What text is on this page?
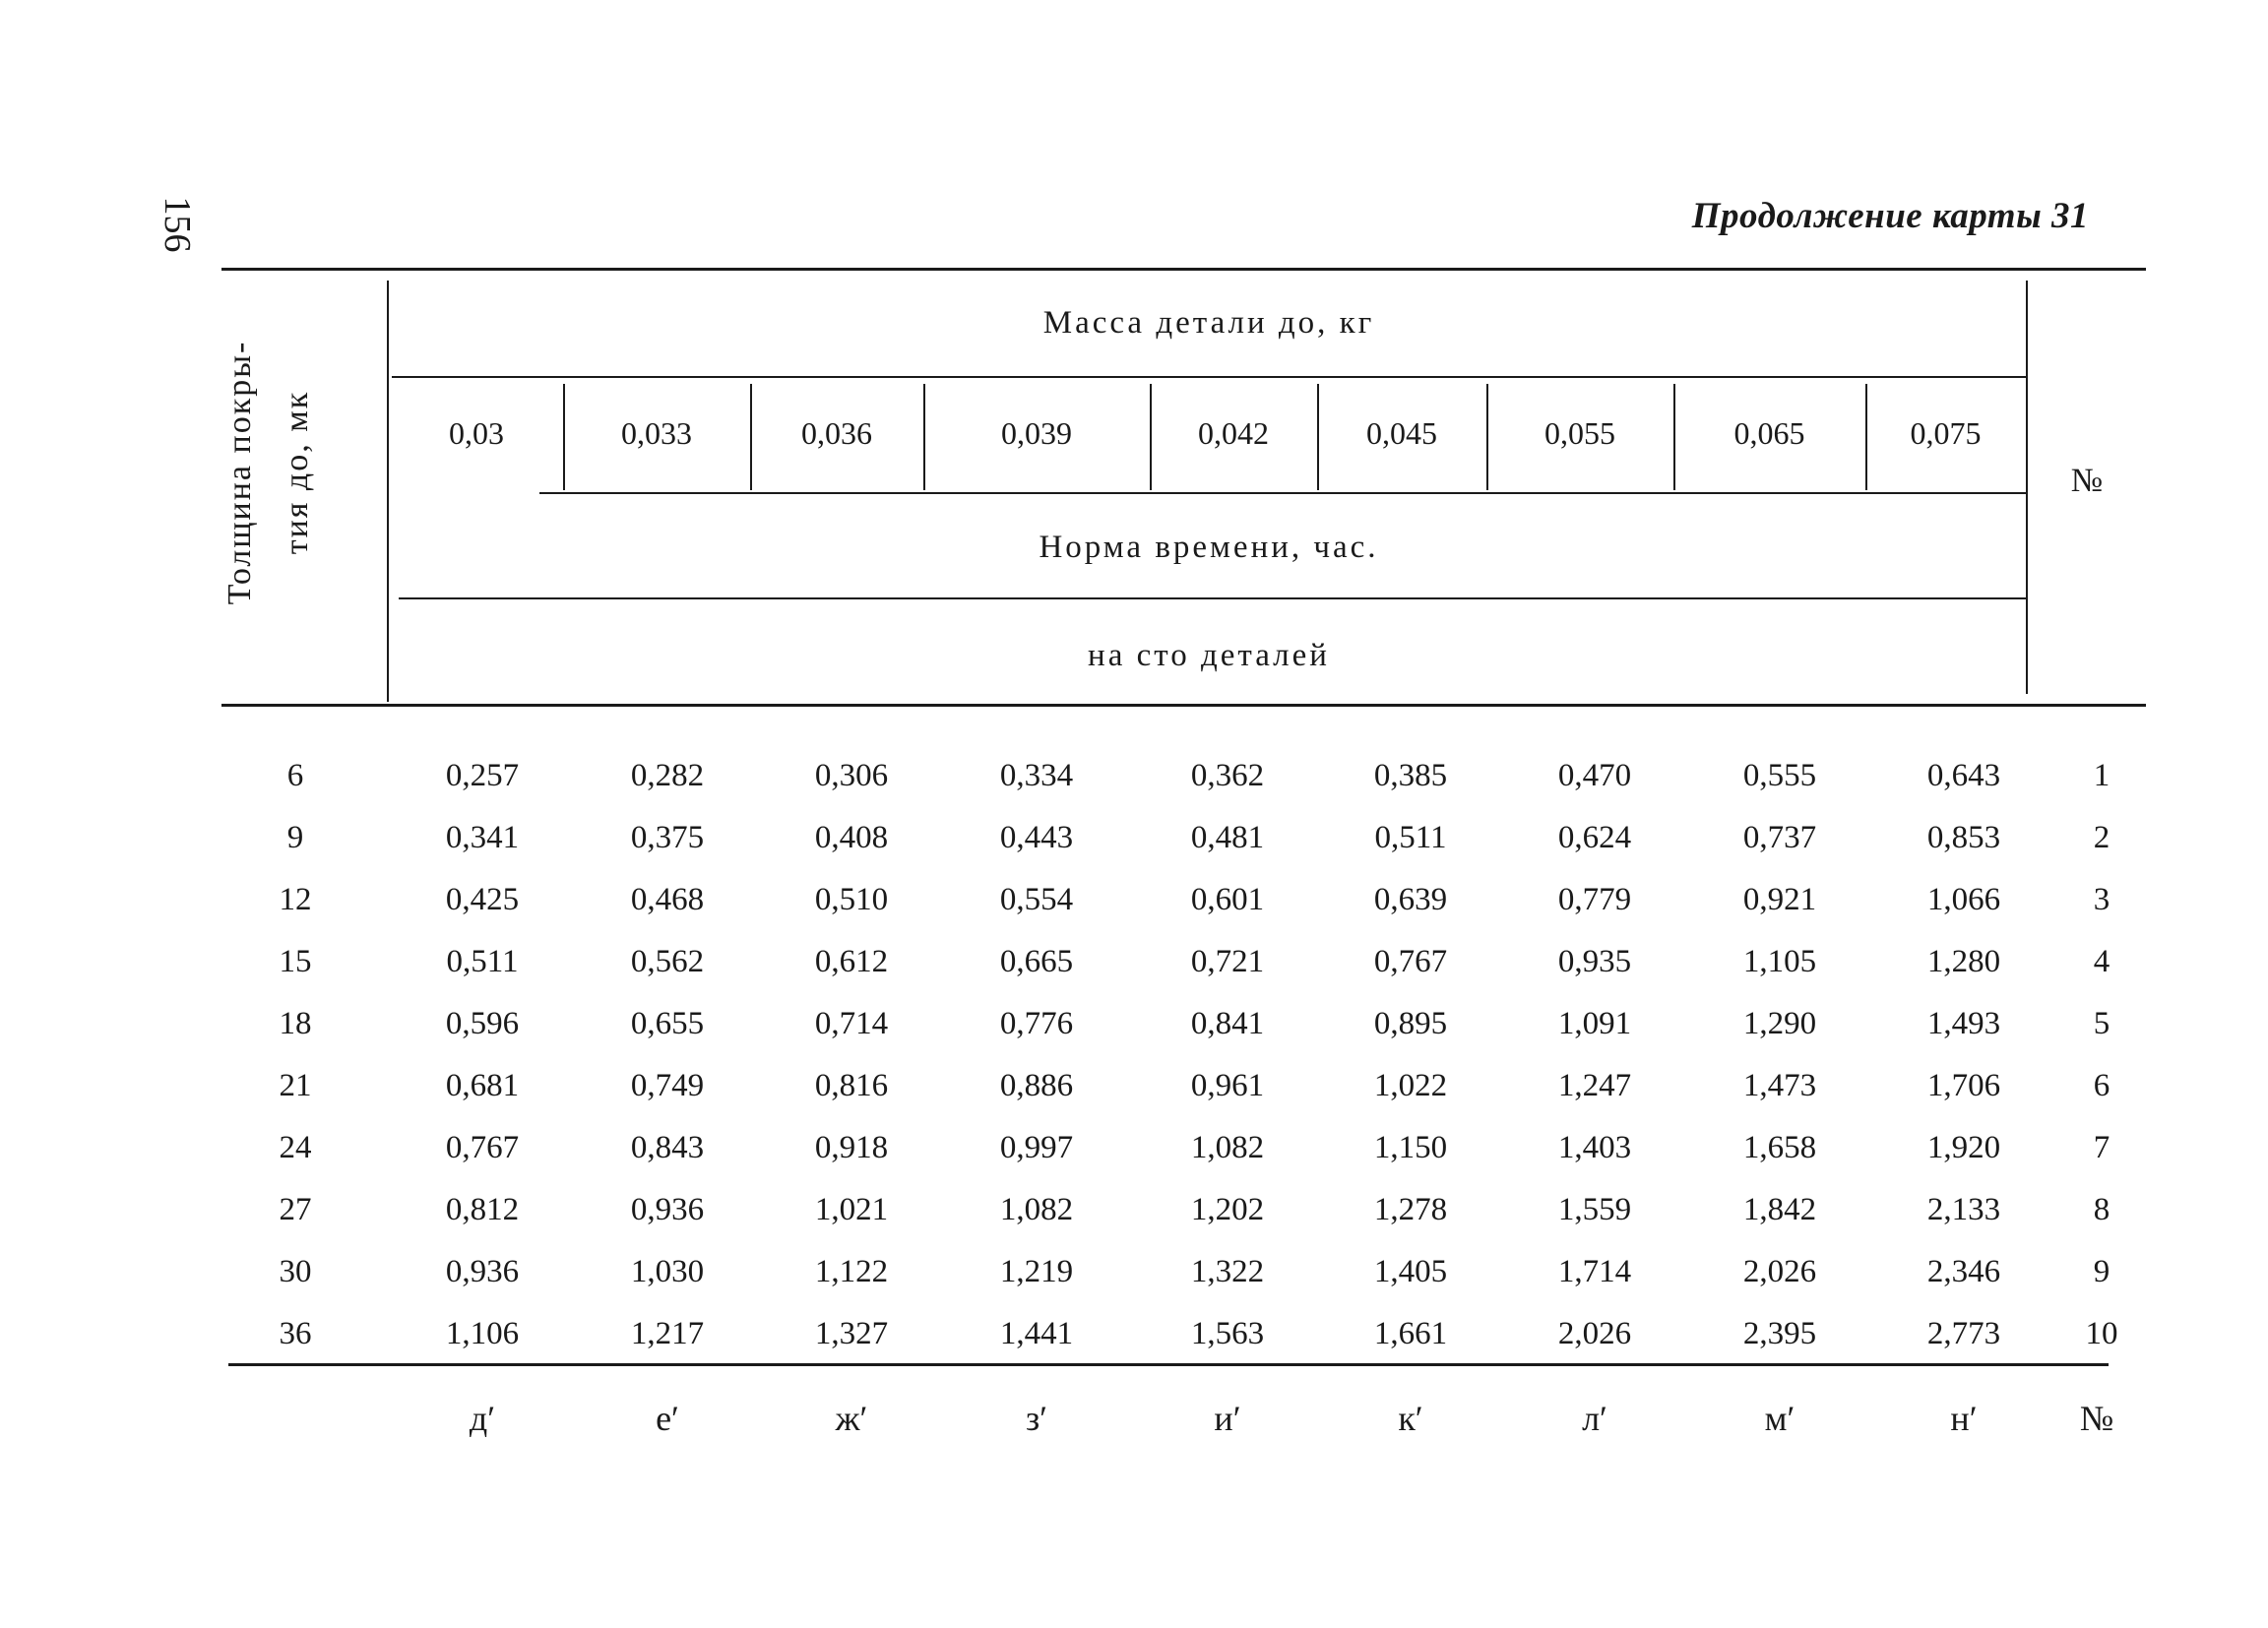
156	Продолжение карты 31
Толщина покры-
тия до, мк
Масса детали до, кг
0,03	0,033	0,036	0,039	0,042	0,045	0,055	0,065	0,075
Норма времени, час.
на сто деталей
№
6	0,257	0,282	0,306	0,334	0,362	0,385	0,470	0,555	0,643	1
9	0,341	0,375	0,408	0,443	0,481	0,511	0,624	0,737	0,853	2
12	0,425	0,468	0,510	0,554	0,601	0,639	0,779	0,921	1,066	3
15	0,511	0,562	0,612	0,665	0,721	0,767	0,935	1,105	1,280	4
18	0,596	0,655	0,714	0,776	0,841	0,895	1,091	1,290	1,493	5
21	0,681	0,749	0,816	0,886	0,961	1,022	1,247	1,473	1,706	6
24	0,767	0,843	0,918	0,997	1,082	1,150	1,403	1,658	1,920	7
27	0,812	0,936	1,021	1,082	1,202	1,278	1,559	1,842	2,133	8
30	0,936	1,030	1,122	1,219	1,322	1,405	1,714	2,026	2,346	9
36	1,106	1,217	1,327	1,441	1,563	1,661	2,026	2,395	2,773	10
д′	е′	ж′	з′	и′	к′	л′	м′	н′	№
